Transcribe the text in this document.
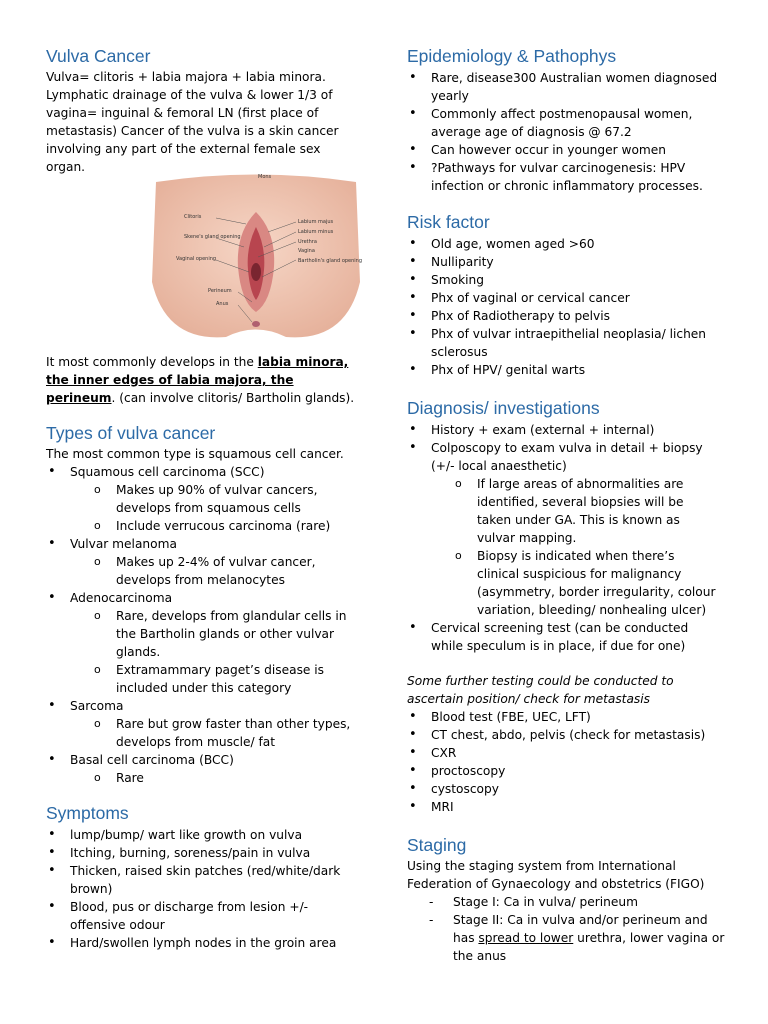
Vulva Cancer

Vulva= clitoris + labia majora + labia minora. Lymphatic drainage of the vulva & lower 1/3 of vagina= inguinal & femoral LN (first place of metastasis) Cancer of the vulva is a skin cancer involving any part of the external female sex organ.

Mons
Clitoris
Labium majus
Labium minus
Urethra
Skene's gland opening
Vagina
Vaginal opening	Bartholin's gland opening
Perineum
Anus

It most commonly develops in the labia minora, the inner edges of labia majora, the perineum. (can involve clitoris/ Bartholin glands).

Types of vulva cancer

The most common type is squamous cell cancer.

• Squamous cell carcinoma (SCC)
o Makes up 90% of vulvar cancers, develops from squamous cells
o Include verrucous carcinoma (rare)
• Vulvar melanoma
o Makes up 2-4% of vulvar cancer, develops from melanocytes
• Adenocarcinoma
o Rare, develops from glandular cells in the Bartholin glands or other vulvar glands.
o Extramammary paget’s disease is included under this category
• Sarcoma
o Rare but grow faster than other types, develops from muscle/ fat
• Basal cell carcinoma (BCC)
o Rare
Symptoms
• lump/bump/ wart like growth on vulva
• Itching, burning, soreness/pain in vulva
• Thicken, raised skin patches (red/white/dark brown)
• Blood, pus or discharge from lesion +/- offensive odour
• Hard/swollen lymph nodes in the groin area
Epidemiology & Pathophys
• Rare, disease300 Australian women diagnosed yearly
• Commonly affect postmenopausal women, average age of diagnosis @ 67.2
• Can however occur in younger women
• ?Pathways for vulvar carcinogenesis: HPV infection or chronic inflammatory processes.
Risk factor
• Old age, women aged >60
• Nulliparity
• Smoking
• Phx of vaginal or cervical cancer
• Phx of Radiotherapy to pelvis
• Phx of vulvar intraepithelial neoplasia/ lichen sclerosus
• Phx of HPV/ genital warts
Diagnosis/ investigations
• History + exam (external + internal)
• Colposcopy to exam vulva in detail + biopsy (+/- local anaesthetic)
o If large areas of abnormalities are identified, several biopsies will be taken under GA. This is known as vulvar mapping.
o Biopsy is indicated when there’s clinical suspicious for malignancy (asymmetry, border irregularity, colour variation, bleeding/ nonhealing ulcer)
• Cervical screening test (can be conducted while speculum is in place, if due for one)

Some further testing could be conducted to ascertain position/ check for metastasis

• Blood test (FBE, UEC, LFT)
• CT chest, abdo, pelvis (check for metastasis)
• CXR
• proctoscopy
• cystoscopy
• MRI
Staging

Using the staging system from International Federation of Gynaecology and obstetrics (FIGO)

- Stage I: Ca in vulva/ perineum
- Stage II: Ca in vulva and/or perineum and has spread to lower urethra, lower vagina or the anus
